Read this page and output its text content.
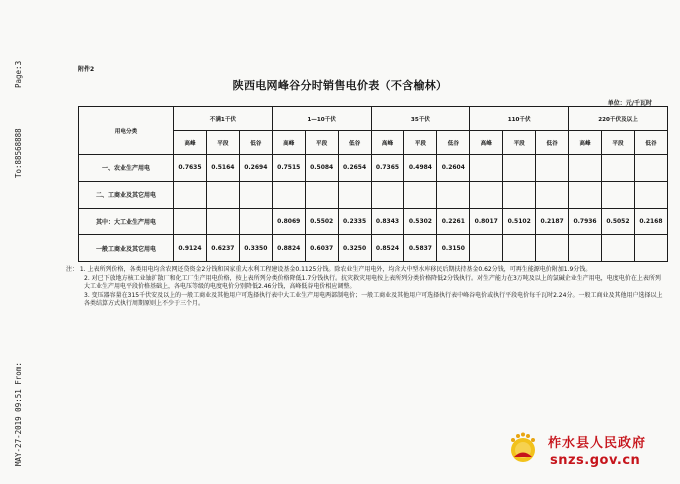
Page:3
To:88568888
MAY-27-2019 09:51 From:
附件2
陕西电网峰谷分时销售电价表（不含榆林）
单位：元/千瓦时
用电分类	不满1千伏			1—10千伏			35千伏			110千伏			220千伏及以上		
	高峰	平段	低谷	高峰	平段	低谷	高峰	平段	低谷	高峰	平段	低谷	高峰	平段	低谷
一、农业生产用电	0.7635	0.5164	0.2694	0.7515	0.5084	0.2654	0.7365	0.4984	0.2604						
二、工商业及其它用电															
其中：大工业生产用电				0.8069	0.5502	0.2335	0.8343	0.5302	0.2261	0.8017	0.5102	0.2187	0.7936	0.5052	0.2168
一般工商业及其它用电	0.9124	0.6237	0.3350	0.8824	0.6037	0.3250	0.8524	0.5837	0.3150						

注： 1. 上表所列价格，各类用电均含农网还贷资金2分钱和国家重大水利工程建设基金0.1125分钱。除农业生产用电外，均含大中型水库移民后期扶持基金0.62分钱，可再生能源电价附加1.9分钱。

2. 对已下放地方核工业铀扩散厂和化工厂生产用电价格，按上表所列分类价格降低1.7分钱执行。抗灾救灾用电按上表所列分类价格降低2分钱执行。对生产能力在3万吨及以上的氯碱企业生产用电，电度电价在上表所列大工业生产用电平段价格基础上，各电压等级的电度电价分别降低2.46分钱，高峰低谷电价相应调整。

3. 变压器容量在315千伏安及以上的一般工商业及其他用户可选择执行表中大工业生产用电两部制电价；一般工商业及其他用户可选择执行表中峰谷电价或执行平段电价每千瓦时2.24分。一般工商业及其他用户选择以上各类结算方式执行周期原则上不少于三个月。

柞水县人民政府
snzs.gov.cn
